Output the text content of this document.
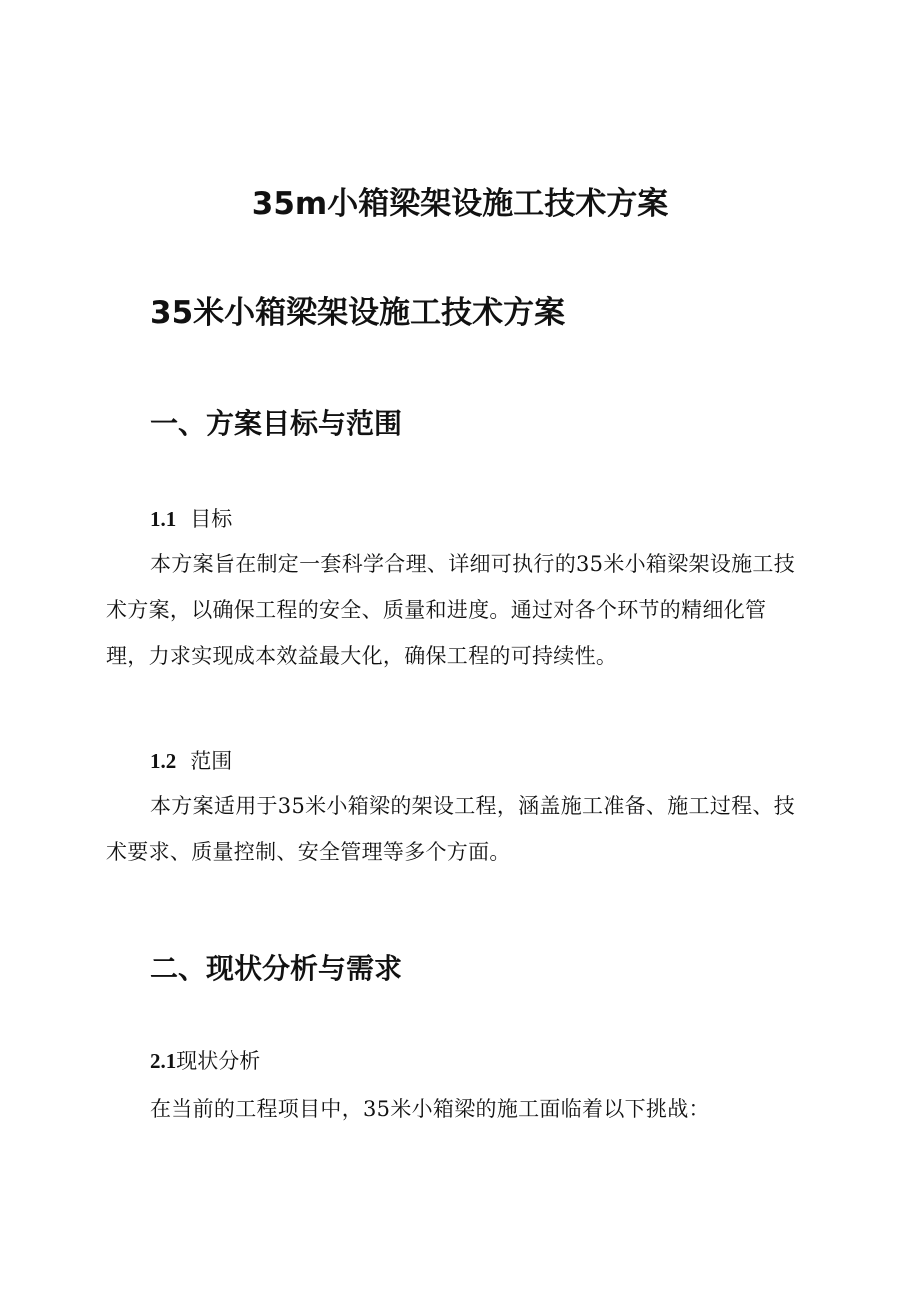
35m小箱梁架设施工技术方案
35米小箱梁架设施工技术方案
一、方案目标与范围
1.1 目标

本方案旨在制定一套科学合理、详细可执行的35米小箱梁架设施工技术方案，以确保工程的安全、质量和进度。通过对各个环节的精细化管理，力求实现成本效益最大化，确保工程的可持续性。

1.2 范围

本方案适用于35米小箱梁的架设工程，涵盖施工准备、施工过程、技术要求、质量控制、安全管理等多个方面。

二、现状分析与需求
2.1现状分析

在当前的工程项目中，35米小箱梁的施工面临着以下挑战：
